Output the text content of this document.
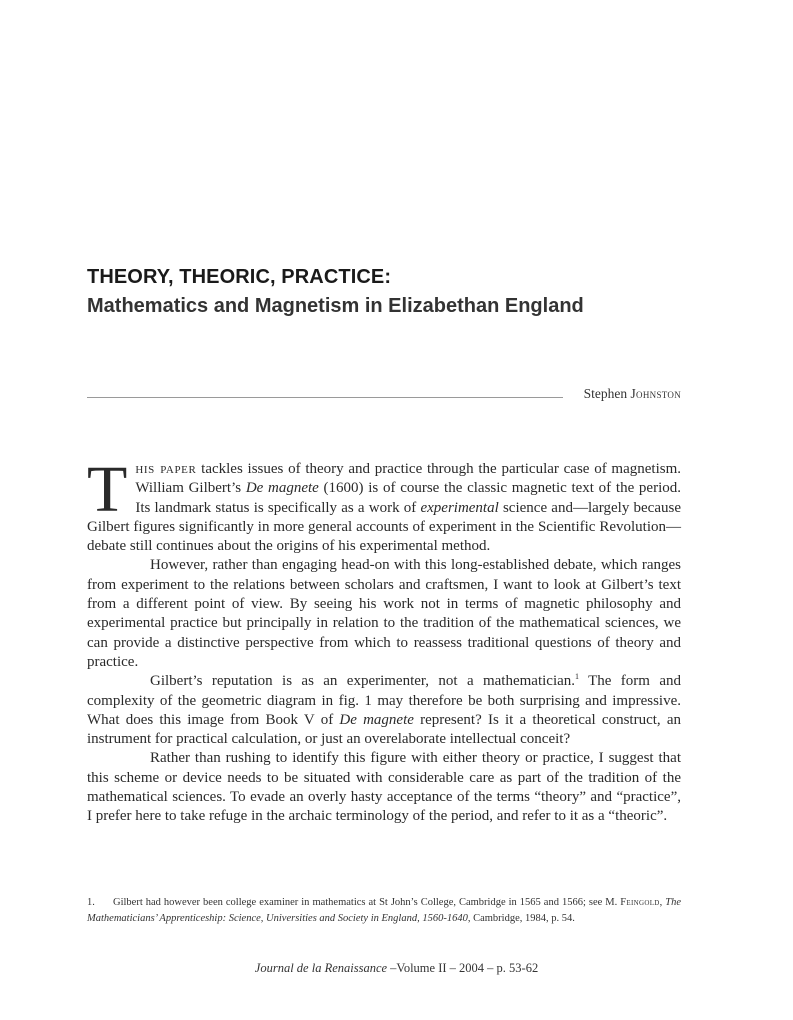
THEORY, THEORIC, PRACTICE:
Mathematics and Magnetism in Elizabethan England
Stephen Johnston

This paper tackles issues of theory and practice through the particular case of magnetism. William Gilbert’s De magnete (1600) is of course the classic magnetic text of the period. Its landmark status is specifically as a work of experimental science and—largely because Gilbert figures significantly in more general accounts of experiment in the Scientific Revolution—debate still continues about the origins of his experimental method.

However, rather than engaging head-on with this long-established debate, which ranges from experiment to the relations between scholars and craftsmen, I want to look at Gilbert’s text from a different point of view. By seeing his work not in terms of magnetic philosophy and experimental practice but principally in relation to the tradition of the mathematical sciences, we can provide a distinctive perspective from which to reassess traditional questions of theory and practice.

Gilbert’s reputation is as an experimenter, not a mathematician.$^1$ The form and complexity of the geometric diagram in fig. 1 may therefore be both surprising and impressive. What does this image from Book V of De magnete represent? Is it a theoretical construct, an instrument for practical calculation, or just an overelaborate intellectual conceit?

Rather than rushing to identify this figure with either theory or practice, I suggest that this scheme or device needs to be situated with considerable care as part of the tradition of the mathematical sciences. To evade an overly hasty acceptance of the terms “theory” and “practice”, I prefer here to take refuge in the archaic terminology of the period, and refer to it as a “theoric”.

1. Gilbert had however been college examiner in mathematics at St John’s College, Cambridge in 1565 and 1566; see M. Feingold, The Mathematicians’ Apprenticeship: Science, Universities and Society in England, 1560-1640, Cambridge, 1984, p. 54.
Journal de la Renaissance –Volume II – 2004 – p. 53-62
